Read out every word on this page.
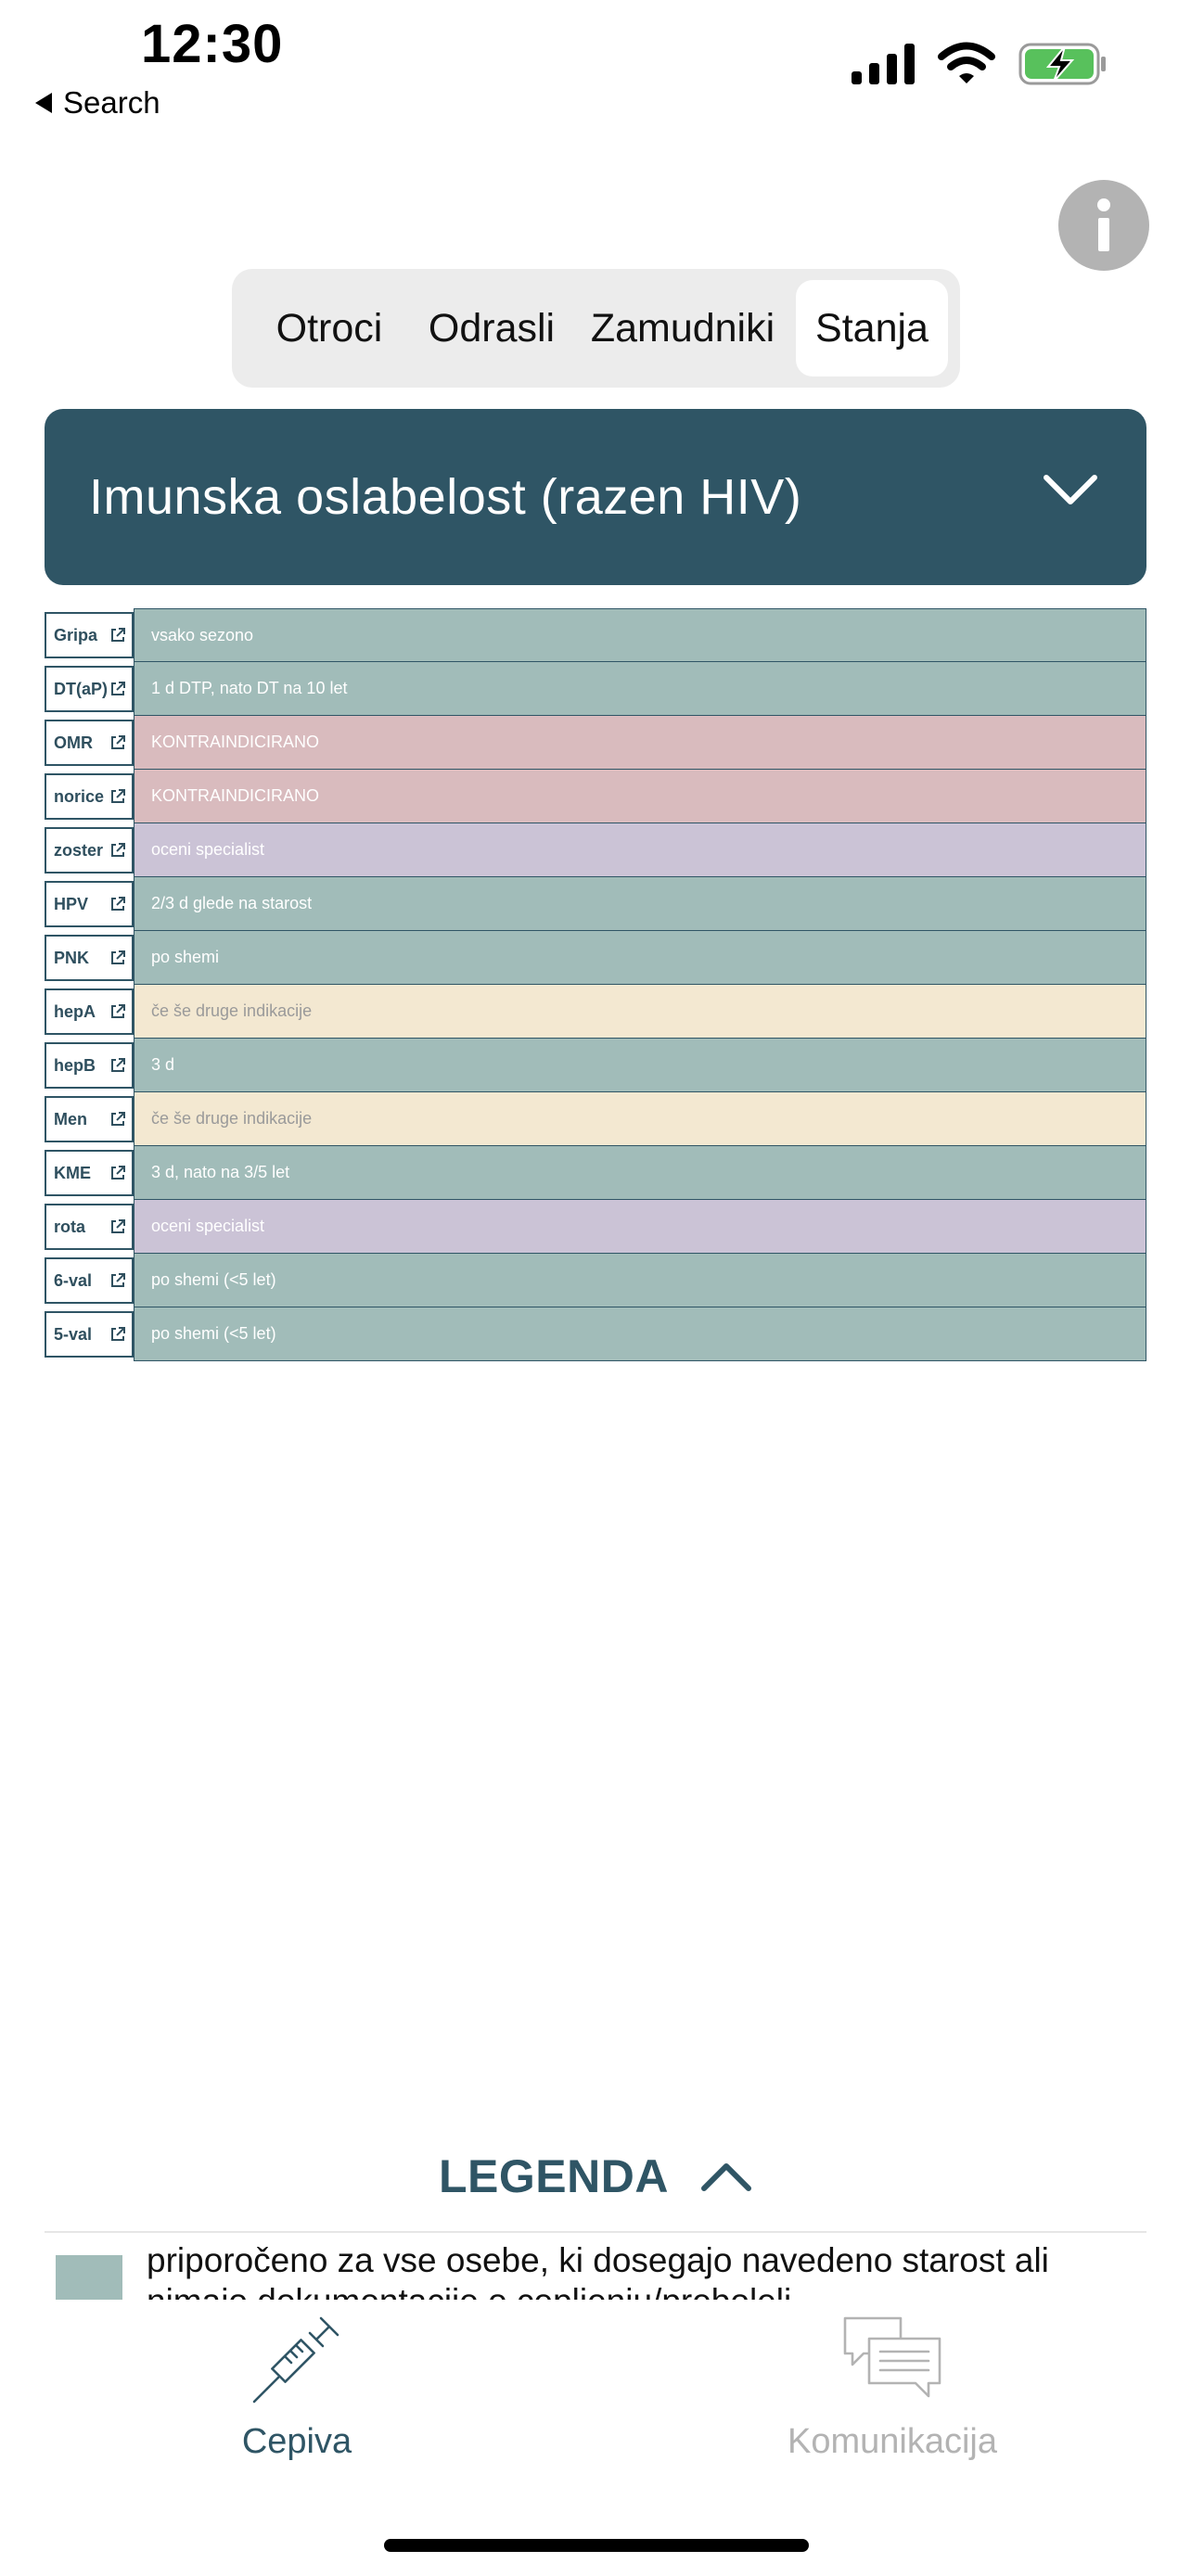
12:30
Search
Otroci	Odrasli Zamudniki	Stanja
Imunska oslabelost (razen HIV)
Gripa	vsako sezono
DT(aP)	1 d DTP, nato DT na 10 let
OMR	KONTRAINDICIRANO
norice	KONTRAINDICIRANO
zoster	oceni specialist
HPV	2/3 d glede na starost
PNK	po shemi
hepA	če še druge indikacije
hepB	3 d
Men	če še druge indikacije
KME	3 d, nato na 3/5 let
rota	oceni specialist
6-val	po shemi (<5 let)
5-val	po shemi (<5 let)
LEGENDA
priporočeno za vse osebe, ki dosegajo navedeno starost ali
Cepiva	Komunikacija
